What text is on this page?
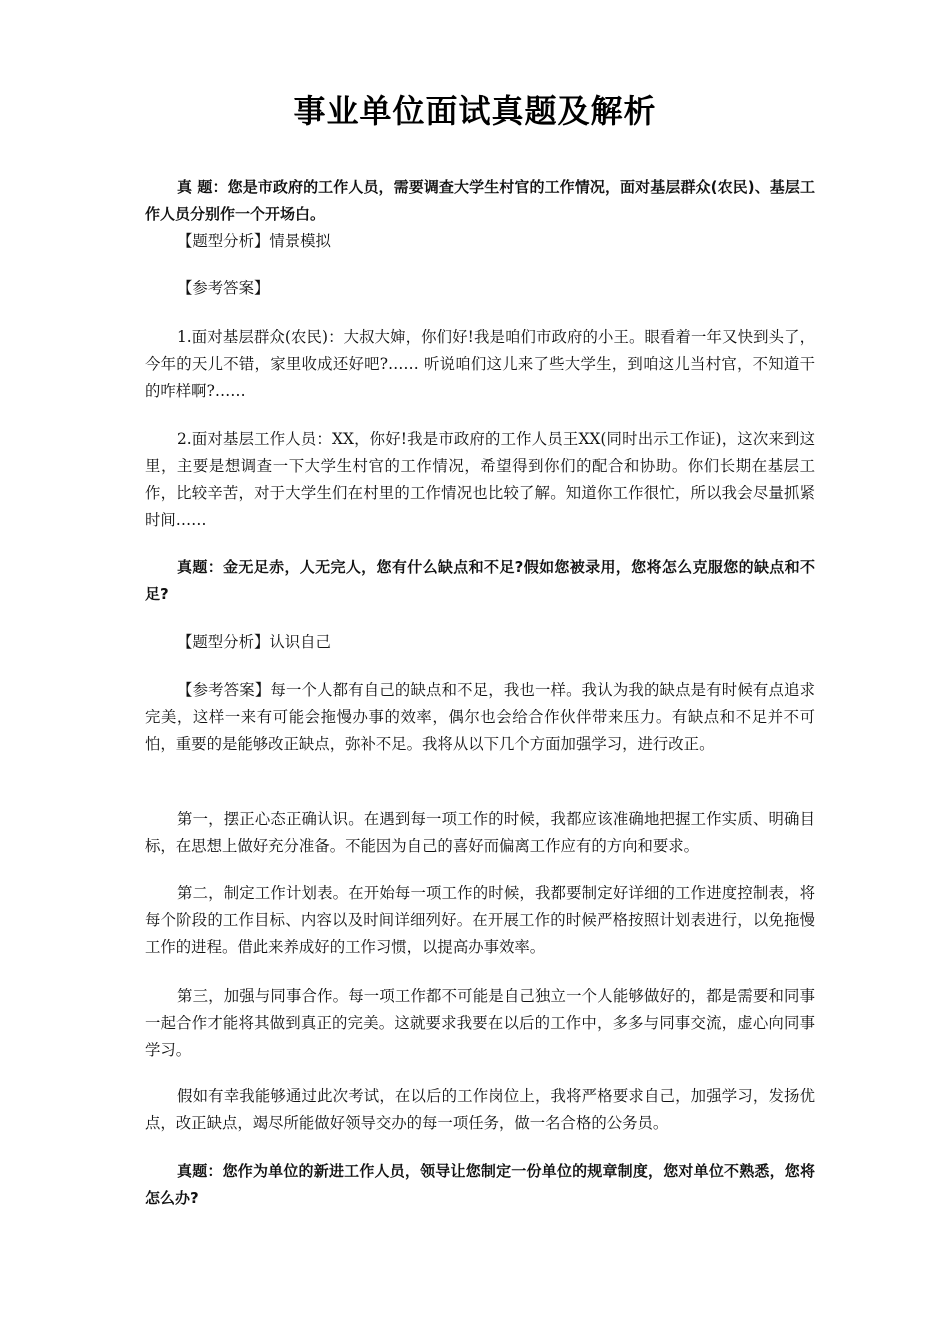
事业单位面试真题及解析

真 题：您是市政府的工作人员，需要调查大学生村官的工作情况，面对基层群众(农民)、基层工作人员分别作一个开场白。

【题型分析】情景模拟

【参考答案】

1.面对基层群众(农民)：大叔大婶，你们好!我是咱们市政府的小王。眼看着一年又快到头了，今年的天儿不错，家里收成还好吧?…… 听说咱们这儿来了些大学生，到咱这儿当村官，不知道干的咋样啊?……

2.面对基层工作人员：XX，你好!我是市政府的工作人员王XX(同时出示工作证)，这次来到这里，主要是想调查一下大学生村官的工作情况，希望得到你们的配合和协助。你们长期在基层工作，比较辛苦，对于大学生们在村里的工作情况也比较了解。知道你工作很忙，所以我会尽量抓紧时间……

真题：金无足赤，人无完人，您有什么缺点和不足?假如您被录用，您将怎么克服您的缺点和不足?

【题型分析】认识自己

【参考答案】每一个人都有自己的缺点和不足，我也一样。我认为我的缺点是有时候有点追求完美，这样一来有可能会拖慢办事的效率，偶尔也会给合作伙伴带来压力。有缺点和不足并不可怕，重要的是能够改正缺点，弥补不足。我将从以下几个方面加强学习，进行改正。

第一，摆正心态正确认识。在遇到每一项工作的时候，我都应该准确地把握工作实质、明确目标，在思想上做好充分准备。不能因为自己的喜好而偏离工作应有的方向和要求。

第二，制定工作计划表。在开始每一项工作的时候，我都要制定好详细的工作进度控制表，将每个阶段的工作目标、内容以及时间详细列好。在开展工作的时候严格按照计划表进行，以免拖慢工作的进程。借此来养成好的工作习惯，以提高办事效率。

第三，加强与同事合作。每一项工作都不可能是自己独立一个人能够做好的，都是需要和同事一起合作才能将其做到真正的完美。这就要求我要在以后的工作中，多多与同事交流，虚心向同事学习。

假如有幸我能够通过此次考试，在以后的工作岗位上，我将严格要求自己，加强学习，发扬优点，改正缺点，竭尽所能做好领导交办的每一项任务，做一名合格的公务员。

真题：您作为单位的新进工作人员，领导让您制定一份单位的规章制度，您对单位不熟悉，您将怎么办?
